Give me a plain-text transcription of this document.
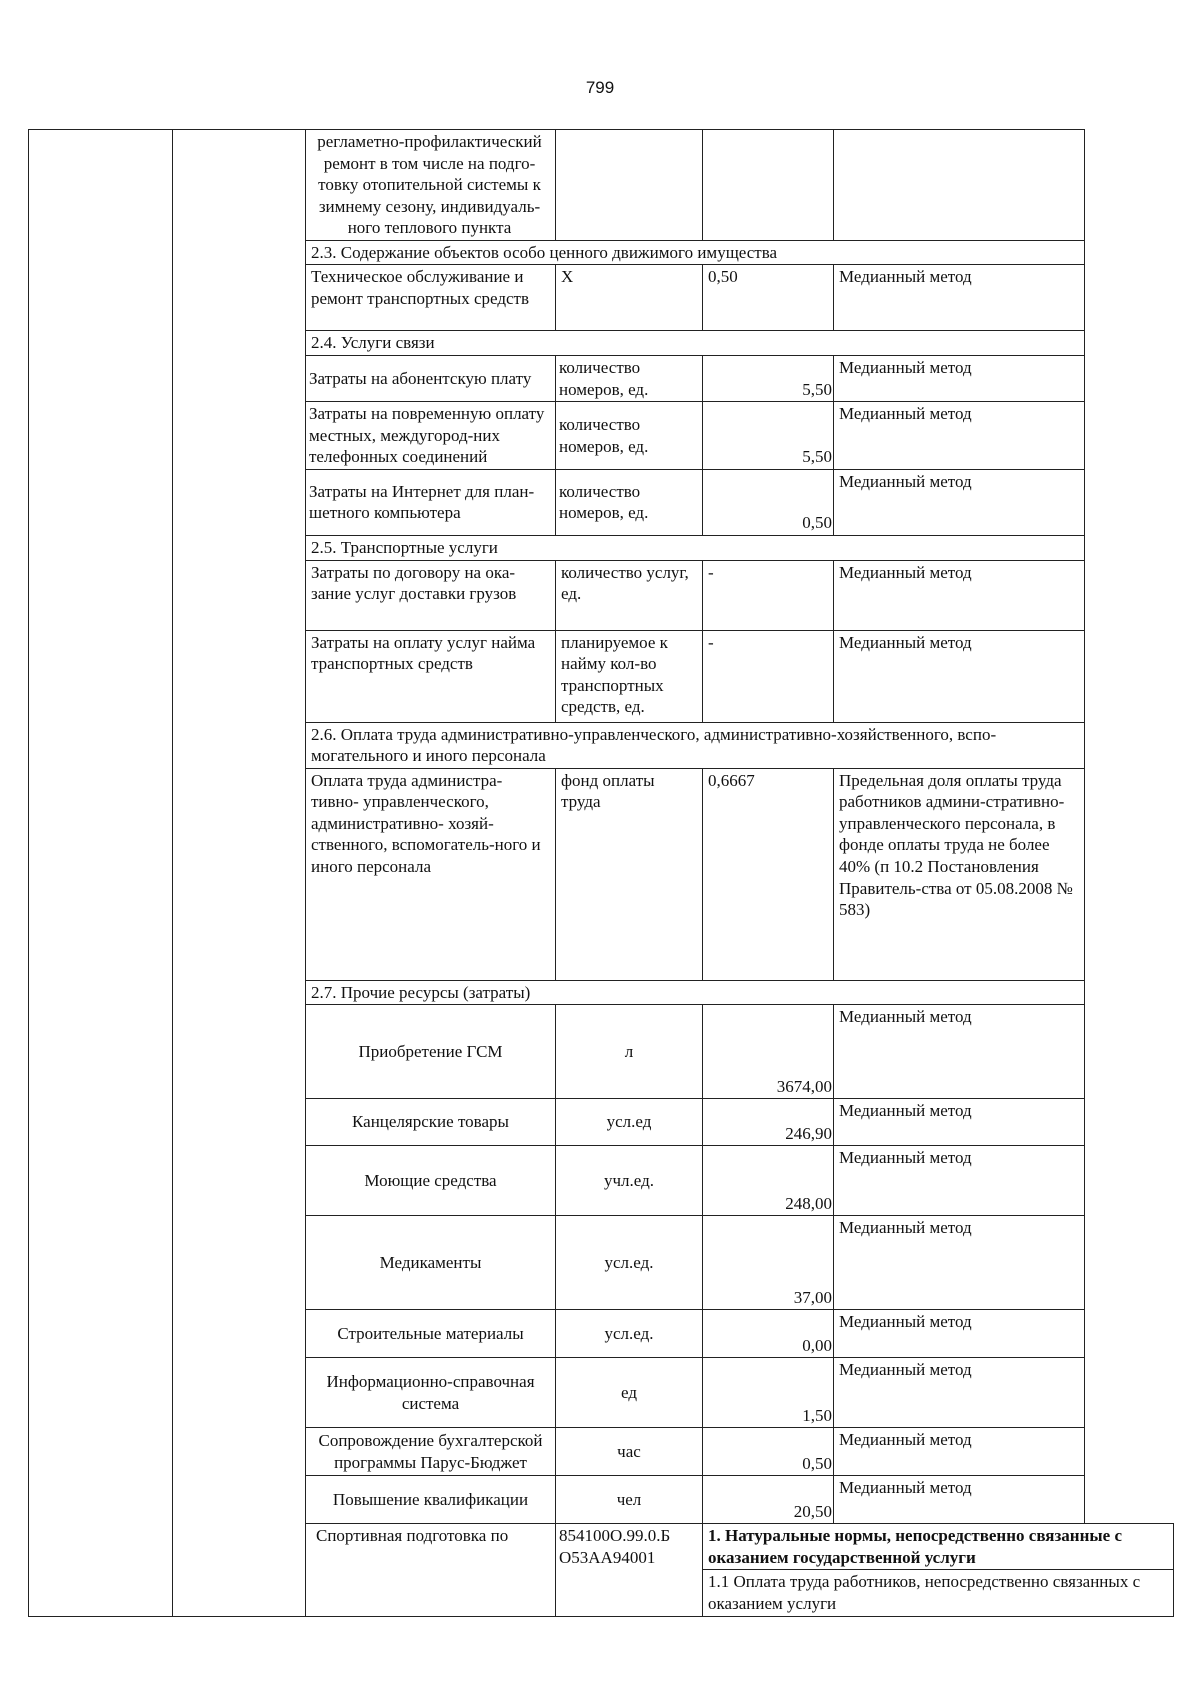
799
		регламетно-профилактический ремонт в том числе на подго-товку отопительной системы к зимнему сезону, индивидуаль-ного теплового пункта			
		2.3. Содержание объектов особо ценного движимого имущества			
		Техническое обслуживание и ремонт транспортных средств	Х	0,50	Медианный метод
		2.4. Услуги связи			
		Затраты на абонентскую плату	количество номеров, ед.	5,50	Медианный метод
		Затраты на повременную оплату местных, междугород-них телефонных соединений	количество номеров, ед.	5,50	Медианный метод
		Затраты на Интернет для план-шетного компьютера	количество номеров, ед.	0,50	Медианный метод
		2.5. Транспортные услуги			
		Затраты по договору на ока-зание услуг доставки грузов	количество услуг, ед.	-	Медианный метод
		Затраты на оплату услуг найма транспортных средств	планируемое к найму кол-во транспортных средств, ед.	-	Медианный метод
		2.6. Оплата труда административно-управленческого, административно-хозяйственного, вспо-могательного и иного персонала			
		Оплата труда администра-тивно- управленческого, административно- хозяй-ственного, вспомогатель-ного и иного персонала	фонд оплаты труда	0,6667	Предельная доля оплаты труда работников админи-стративно- управленческого персонала, в фонде оплаты труда не более 40% (п 10.2 Постановления Правитель-ства от 05.08.2008 № 583)
		2.7. Прочие ресурсы (затраты)			
		Приобретение ГСМ	л	3674,00	Медианный метод
		Канцелярские товары	усл.ед	246,90	Медианный метод
		Моющие средства	учл.ед.	248,00	Медианный метод
		Медикаменты	усл.ед.	37,00	Медианный метод
		Строительные материалы	усл.ед.	0,00	Медианный метод
		Информационно-справочная система	ед	1,50	Медианный метод
		Сопровождение бухгалтерской программы Парус-Бюджет	час	0,50	Медианный метод
		Повышение квалификации	чел	20,50	Медианный метод
		Спортивная подготовка по	854100О.99.0.Б О53АА94001	1. Натуральные нормы, непосредственно связанные с оказанием государственной услуги	
				1.1 Оплата труда работников, непосредственно связанных с оказанием услуги	
